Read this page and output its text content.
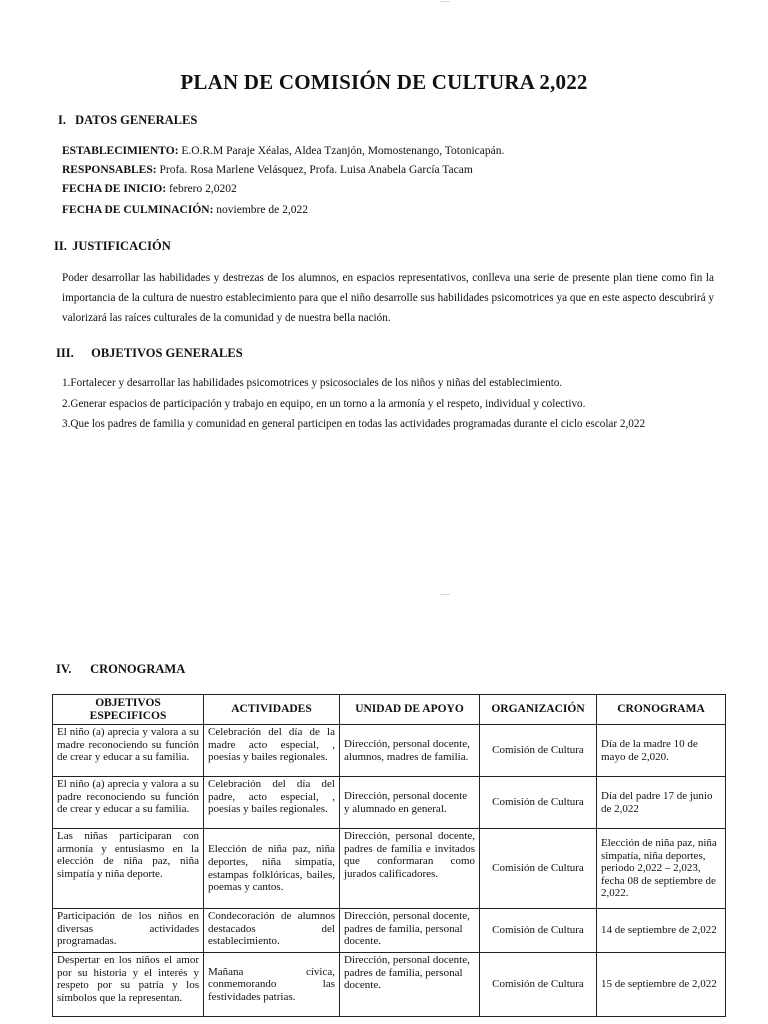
PLAN DE COMISIÓN DE CULTURA 2,022
I. DATOS GENERALES
ESTABLECIMIENTO: E.O.R.M Paraje Xéalas, Aldea Tzanjón, Momostenango, Totonicapán.
RESPONSABLES: Profa. Rosa Marlene Velásquez, Profa. Luisa Anabela García Tacam
FECHA DE INICIO: febrero 2,0202
FECHA DE CULMINACIÓN: noviembre de 2,022
II. JUSTIFICACIÓN
Poder desarrollar las habilidades y destrezas de los alumnos, en espacios representativos, conlleva una serie de presente plan tiene como fin la importancia de la cultura de nuestro establecimiento para que el niño desarrolle sus habilidades psicomotrices ya que en este aspecto descubrirá y valorizará las raíces culturales de la comunidad y de nuestra bella nación.
III. OBJETIVOS GENERALES
1.Fortalecer y desarrollar las habilidades psicomotrices y psicosociales de los niños y niñas del establecimiento.
2.Generar espacios de participación y trabajo en equipo, en un torno a la armonía y el respeto, individual y colectivo.
3.Que los padres de familia y comunidad en general participen en todas las actividades programadas durante el ciclo escolar 2,022
IV. CRONOGRAMA
OBJETIVOS ESPECIFICOS	ACTIVIDADES	UNIDAD DE APOYO	ORGANIZACIÓN	CRONOGRAMA
El niño (a) aprecia y valora a su madre reconociendo su función de crear y educar a su familia.	Celebración del día de la madre acto especial, , poesías y bailes regionales.	Dirección, personal docente, alumnos, madres de familia.	Comisión de Cultura	Día de la madre 10 de mayo de 2,020.
El niño (a) aprecia y valora a su padre reconociendo su función de crear y educar a su familia.	Celebración del día del padre, acto especial, , poesías y bailes regionales.	Dirección, personal docente y alumnado en general.	Comisión de Cultura	Día del padre 17 de junio de 2,022
Las niñas participaran con armonía y entusiasmo en la elección de niña paz, niña simpatía y niña deporte.	Elección de niña paz, niña deportes, niña simpatía, estampas folklóricas, bailes, poemas y cantos.	Dirección, personal docente, padres de familia e invitados que conformaran como jurados calificadores.	Comisión de Cultura	Elección de niña paz, niña simpatía, niña deportes, periodo 2,022 – 2,023, fecha 08 de septiembre de 2,022.
Participación de los niños en diversas actividades programadas.	Condecoración de alumnos destacados del establecimiento.	Dirección, personal docente, padres de familia, personal docente.	Comisión de Cultura	14 de septiembre de 2,022
Despertar en los niños el amor por su historia y el interés y respeto por su patria y los símbolos que la representan.	Mañana cívica, conmemorando las festividades patrias.	Dirección, personal docente, padres de familia, personal docente.	Comisión de Cultura	15 de septiembre de 2,022
